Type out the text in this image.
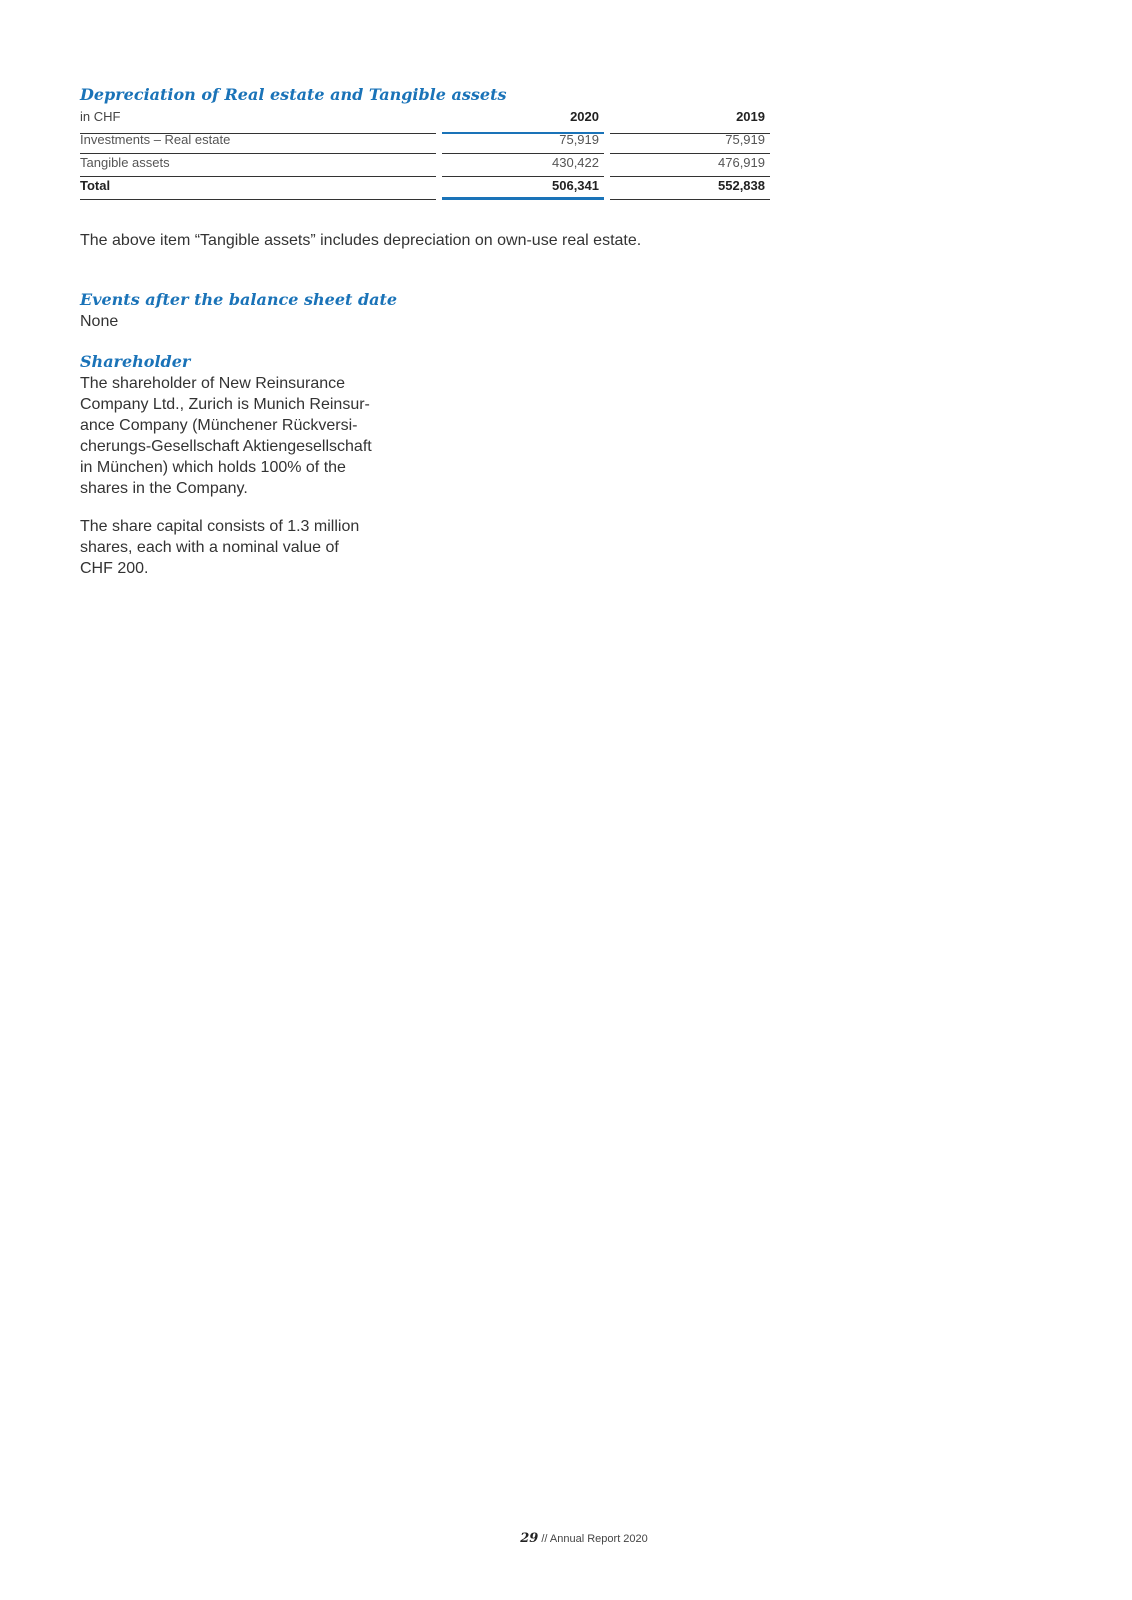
Depreciation of Real estate and Tangible assets
in CHF	2020	2019
Investments – Real estate	75,919	75,919
Tangible assets	430,422	476,919
Total	506,341	552,838

The above item “Tangible assets” includes depreciation on own-use real estate.

Events after the balance sheet date

None

Shareholder
The shareholder of New Reinsurance
Company Ltd., Zurich is Munich Reinsur-
ance Company (Münchener Rückversi-
cherungs-Gesellschaft Aktiengesellschaft
in München) which holds 100% of the
shares in the Company.
The share capital consists of 1.3 million
shares, each with a nominal value of
CHF 200.
29 // Annual Report 2020
